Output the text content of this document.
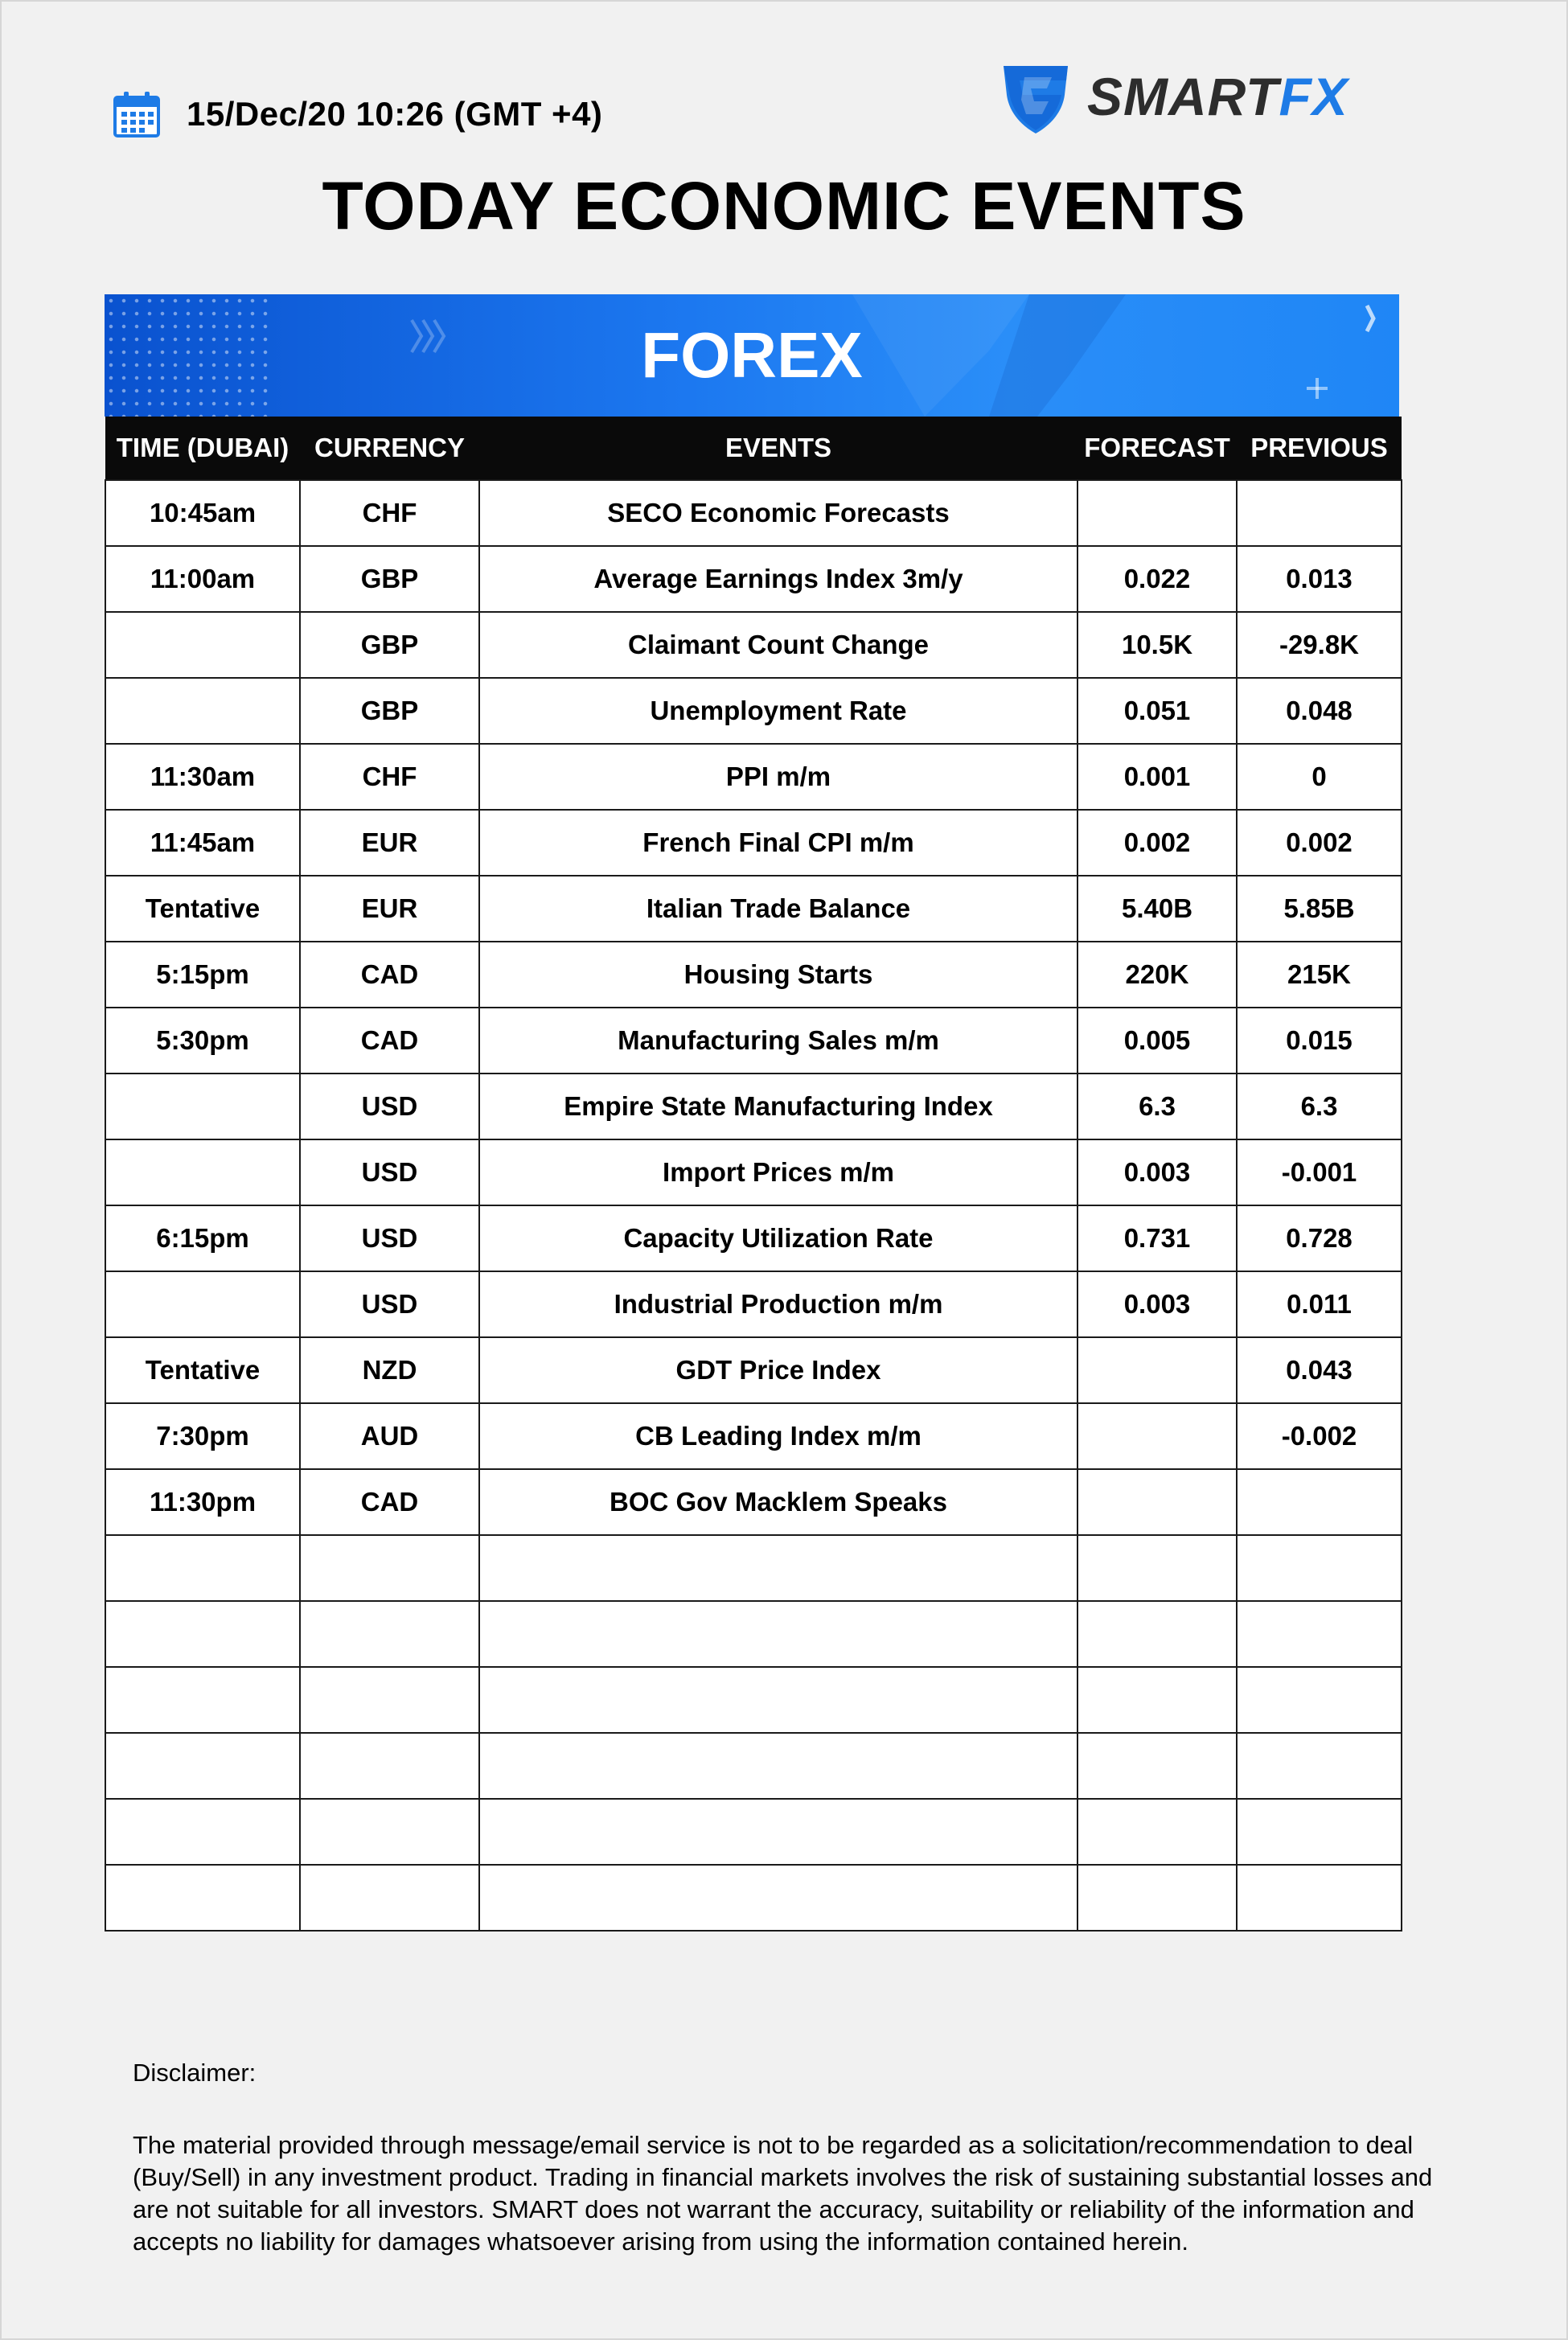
15/Dec/20 10:26 (GMT +4)	SMARTFX
TODAY ECONOMIC EVENTS
FOREX
TIME (DUBAI)	CURRENCY	EVENTS	FORECAST	PREVIOUS
10:45am	CHF	SECO Economic Forecasts		
11:00am	GBP	Average Earnings Index 3m/y	0.022	0.013
	GBP	Claimant Count Change	10.5K	-29.8K
	GBP	Unemployment Rate	0.051	0.048
11:30am	CHF	PPI m/m	0.001	0
11:45am	EUR	French Final CPI m/m	0.002	0.002
Tentative	EUR	Italian Trade Balance	5.40B	5.85B
5:15pm	CAD	Housing Starts	220K	215K
5:30pm	CAD	Manufacturing Sales m/m	0.005	0.015
	USD	Empire State Manufacturing Index	6.3	6.3
	USD	Import Prices m/m	0.003	-0.001
6:15pm	USD	Capacity Utilization Rate	0.731	0.728
	USD	Industrial Production m/m	0.003	0.011
Tentative	NZD	GDT Price Index		0.043
7:30pm	AUD	CB Leading Index m/m		-0.002
11:30pm	CAD	BOC Gov Macklem Speaks		

Disclaimer:
The material provided through message/email service is not to be regarded as a solicitation/recommendation to deal (Buy/Sell) in any investment product. Trading in financial markets involves the risk of sustaining substantial losses and are not suitable for all investors. SMART does not warrant the accuracy, suitability or reliability of the information and accepts no liability for damages whatsoever arising from using the information contained herein.
